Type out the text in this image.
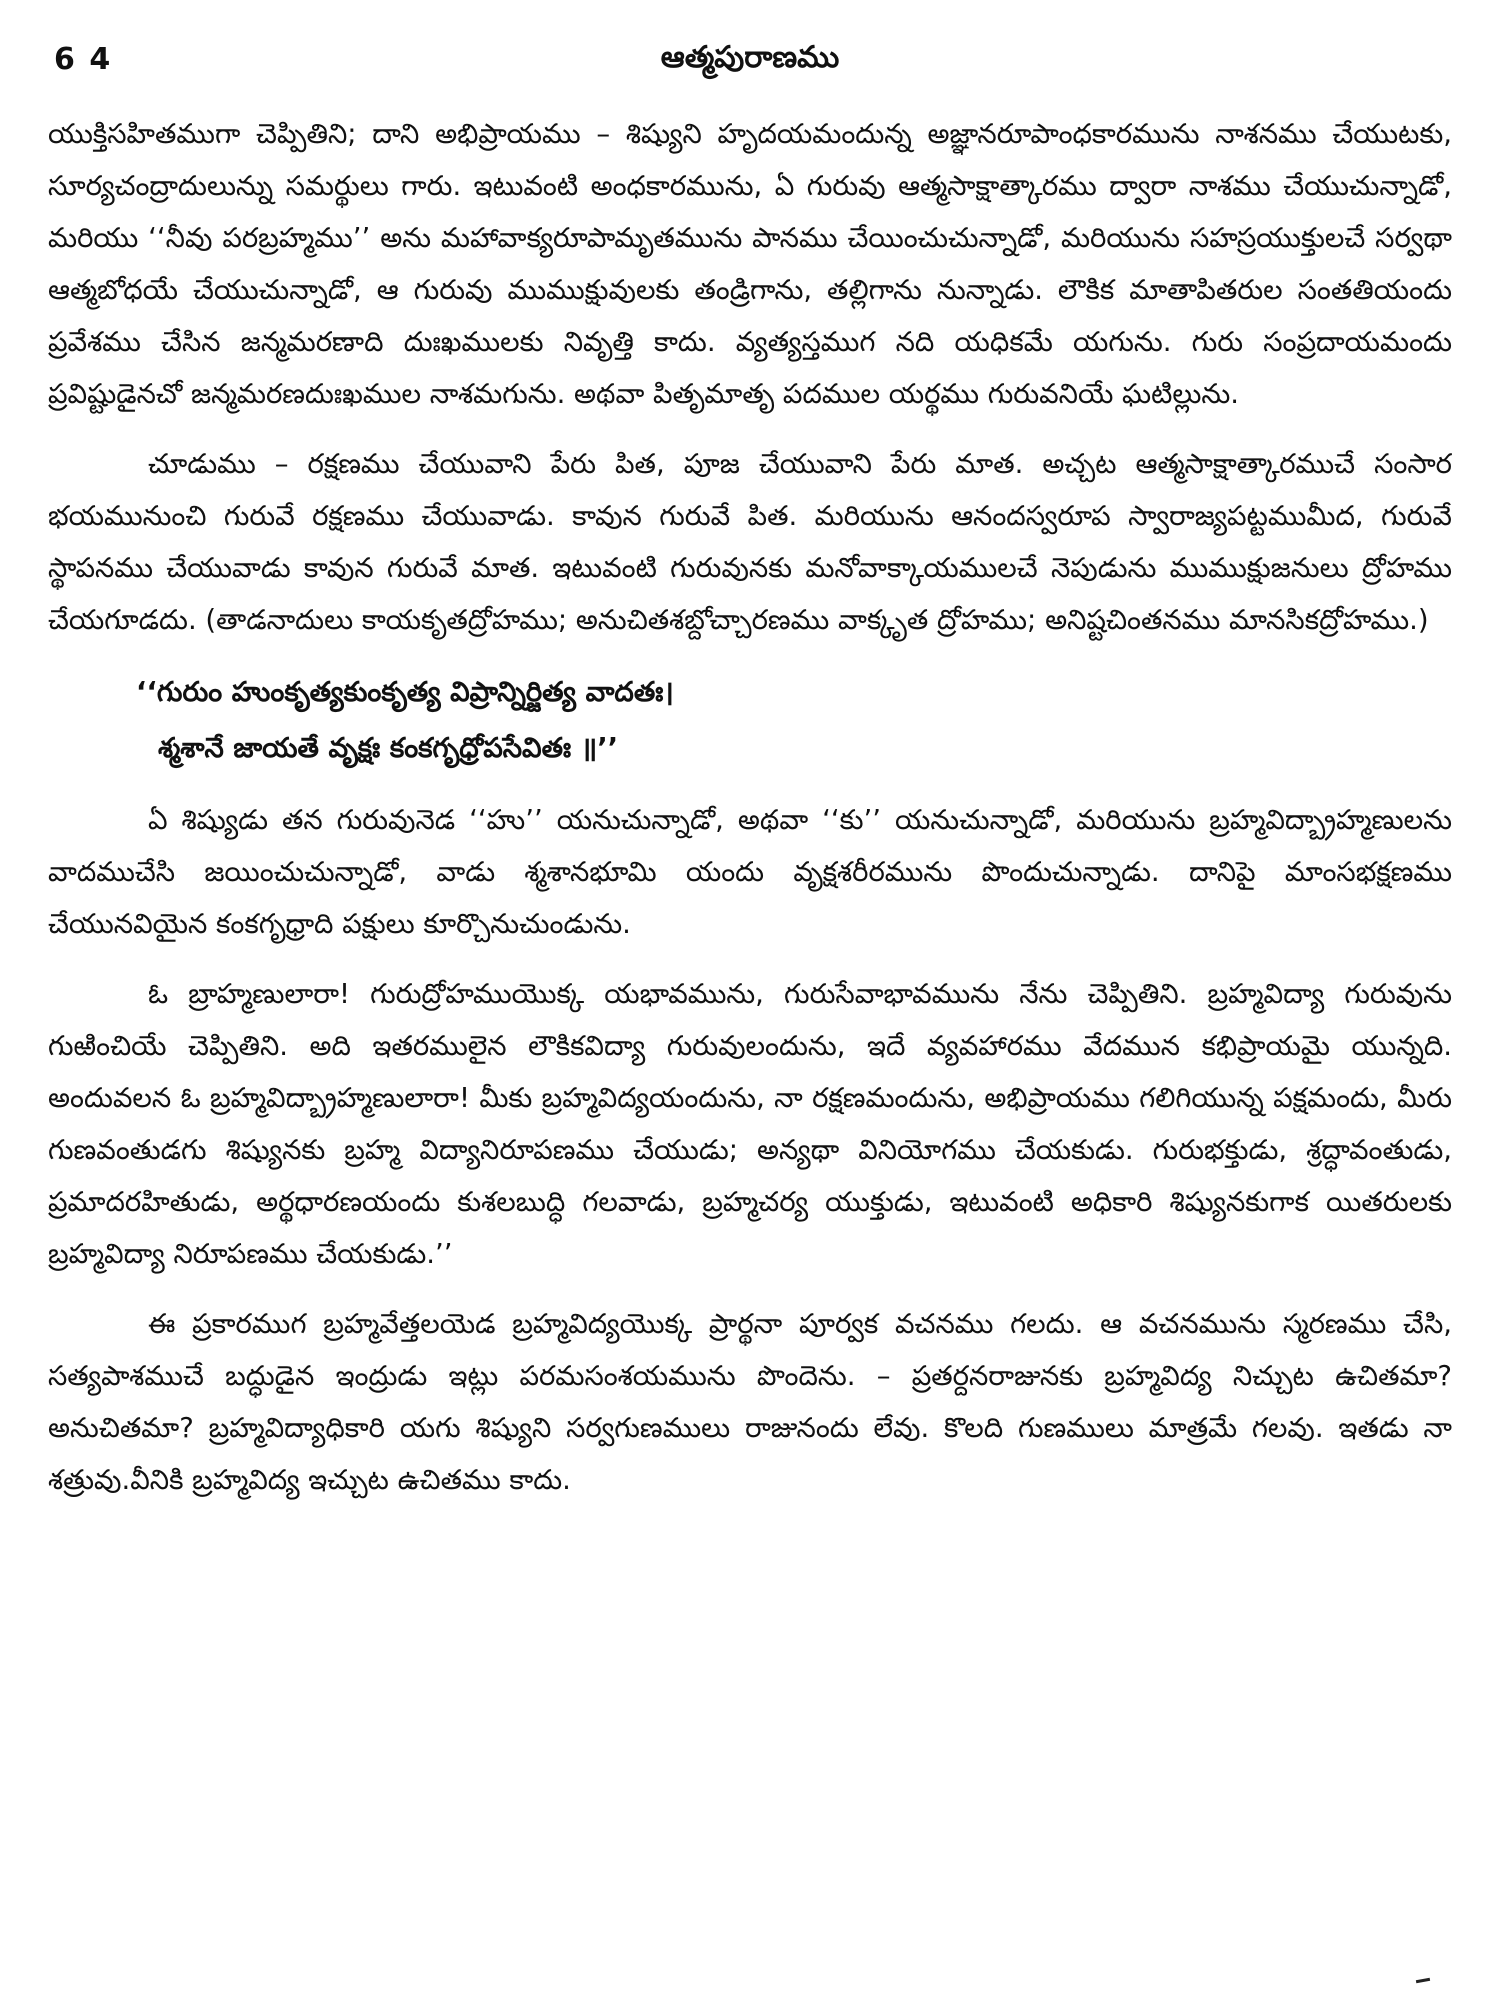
6 4	ఆత్మపురాణము

యుక్తిసహితముగా చెప్పితిని; దాని అభిప్రాయము – శిష్యుని హృదయమందున్న అజ్ఞానరూపాంధకారమును నాశనము చేయుటకు, సూర్యచంద్రాదులున్ను సమర్థులు గారు. ఇటువంటి అంధకారమును, ఏ గురువు ఆత్మసాక్షాత్కారము ద్వారా నాశము చేయుచున్నాడో, మరియు ‘‘నీవు పరబ్రహ్మము’’ అను మహావాక్యరూపామృతమును పానము చేయించుచున్నాడో, మరియును సహస్రయుక్తులచే సర్వథా ఆత్మబోధయే చేయుచున్నాడో, ఆ గురువు ముముక్షువులకు తండ్రిగాను, తల్లిగాను నున్నాడు. లౌకిక మాతాపితరుల సంతతియందు ప్రవేశము చేసిన జన్మమరణాది దుఃఖములకు నివృత్తి కాదు. వ్యత్యస్తముగ నది యధికమే యగును. గురు సంప్రదాయమందు ప్రవిష్టుడైనచో జన్మమరణదుఃఖముల నాశమగును. అథవా పితృమాతృ పదముల యర్థము గురువనియే ఘటిల్లును.

చూడుము – రక్షణము చేయువాని పేరు పిత, పూజ చేయువాని పేరు మాత. అచ్చట ఆత్మసాక్షాత్కారముచే సంసార భయమునుంచి గురువే రక్షణము చేయువాడు. కావున గురువే పిత. మరియును ఆనందస్వరూప స్వారాజ్యపట్టముమీద, గురువే స్థాపనము చేయువాడు కావున గురువే మాత. ఇటువంటి గురువునకు మనోవాక్కాయములచే నెపుడును ముముక్షుజనులు ద్రోహము చేయగూడదు. (తాడనాదులు కాయకృతద్రోహము; అనుచితశబ్దోచ్చారణము వాక్కృత ద్రోహము; అనిష్టచింతనము మానసికద్రోహము.)

‘‘గురుం హుంకృత్యకుంకృత్య విప్రాన్నిర్జిత్య వాదతః।
శ్మశానే జాయతే వృక్షః కంకగృధ్రోపసేవితః ॥’’

ఏ శిష్యుడు తన గురువునెడ ‘‘హు’’ యనుచున్నాడో, అథవా ‘‘కు’’ యనుచున్నాడో, మరియును బ్రహ్మవిద్బ్రాహ్మణులను వాదముచేసి జయించుచున్నాడో, వాడు శ్మశానభూమి యందు వృక్షశరీరమును పొందుచున్నాడు. దానిపై మాంసభక్షణము చేయునవియైన కంకగృధ్రాది పక్షులు కూర్చొనుచుండును.

ఓ బ్రాహ్మణులారా! గురుద్రోహముయొక్క యభావమును, గురుసేవాభావమును నేను చెప్పితిని. బ్రహ్మవిద్యా గురువును గుఱించియే చెప్పితిని. అది ఇతరములైన లౌకికవిద్యా గురువులందును, ఇదే వ్యవహారము వేదమున కభిప్రాయమై యున్నది. అందువలన ఓ బ్రహ్మవిద్బ్రాహ్మణులారా! మీకు బ్రహ్మవిద్యయందును, నా రక్షణమందును, అభిప్రాయము గలిగియున్న పక్షమందు, మీరు గుణవంతుడగు శిష్యునకు బ్రహ్మ విద్యానిరూపణము చేయుడు; అన్యథా వినియోగము చేయకుడు. గురుభక్తుడు, శ్రద్ధావంతుడు, ప్రమాదరహితుడు, అర్థధారణయందు కుశలబుద్ధి గలవాడు, బ్రహ్మచర్య యుక్తుడు, ఇటువంటి అధికారి శిష్యునకుగాక యితరులకు బ్రహ్మవిద్యా నిరూపణము చేయకుడు.’’

ఈ ప్రకారముగ బ్రహ్మవేత్తలయెడ బ్రహ్మవిద్యయొక్క ప్రార్థనా పూర్వక వచనము గలదు. ఆ వచనమును స్మరణము చేసి, సత్యపాశముచే బద్ధుడైన ఇంద్రుడు ఇట్లు పరమసంశయమును పొందెను. – ప్రతర్దనరాజునకు బ్రహ్మవిద్య నిచ్చుట ఉచితమా? అనుచితమా? బ్రహ్మవిద్యాధికారి యగు శిష్యుని సర్వగుణములు రాజునందు లేవు. కొలది గుణములు మాత్రమే గలవు. ఇతడు నా శత్రువు.వీనికి బ్రహ్మవిద్య ఇచ్చుట ఉచితము కాదు.
